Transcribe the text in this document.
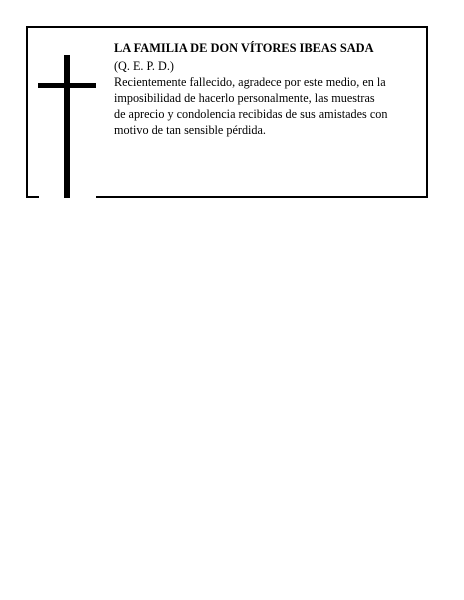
LA FAMILIA DE DON VÍTORES IBEAS SADA

(Q. E. P. D.)

Recientemente fallecido, agradece por este medio, en la
imposibilidad de hacerlo personalmente, las muestras
de aprecio y condolencia recibidas de sus amistades con
motivo de tan sensible pérdida.
